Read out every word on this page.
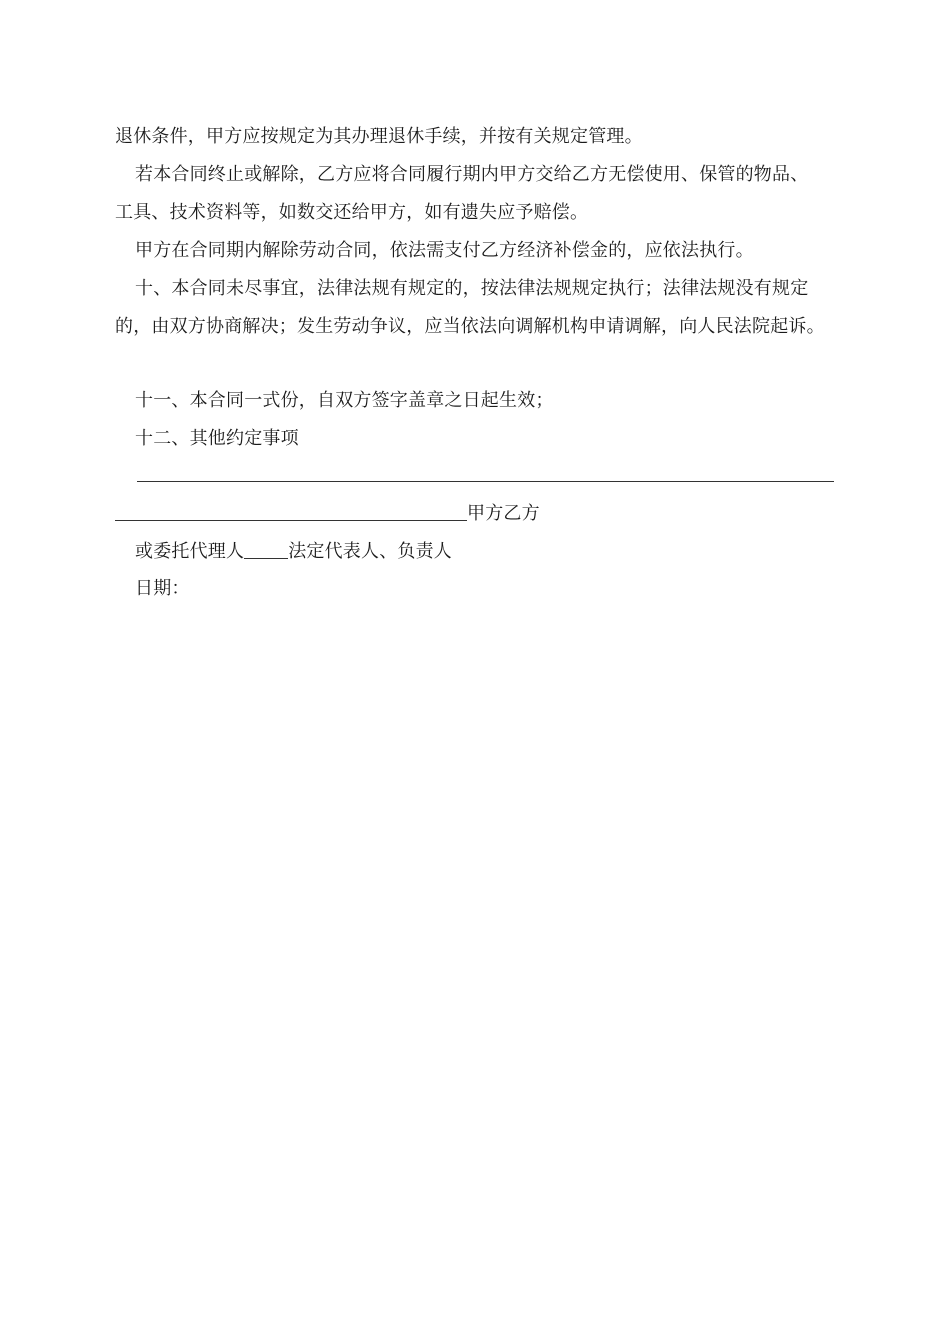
退休条件，甲方应按规定为其办理退休手续，并按有关规定管理。
若本合同终止或解除，乙方应将合同履行期内甲方交给乙方无偿使用、保管的物品、
工具、技术资料等，如数交还给甲方，如有遗失应予赔偿。
甲方在合同期内解除劳动合同，依法需支付乙方经济补偿金的，应依法执行。
十、本合同未尽事宜，法律法规有规定的，按法律法规规定执行；法律法规没有规定
的，由双方协商解决；发生劳动争议，应当依法向调解机构申请调解，向人民法院起诉。
十一、本合同一式份，自双方签字盖章之日起生效；
十二、其他约定事项
甲方乙方
或委托代理人 法定代表人、负责人
日期：
